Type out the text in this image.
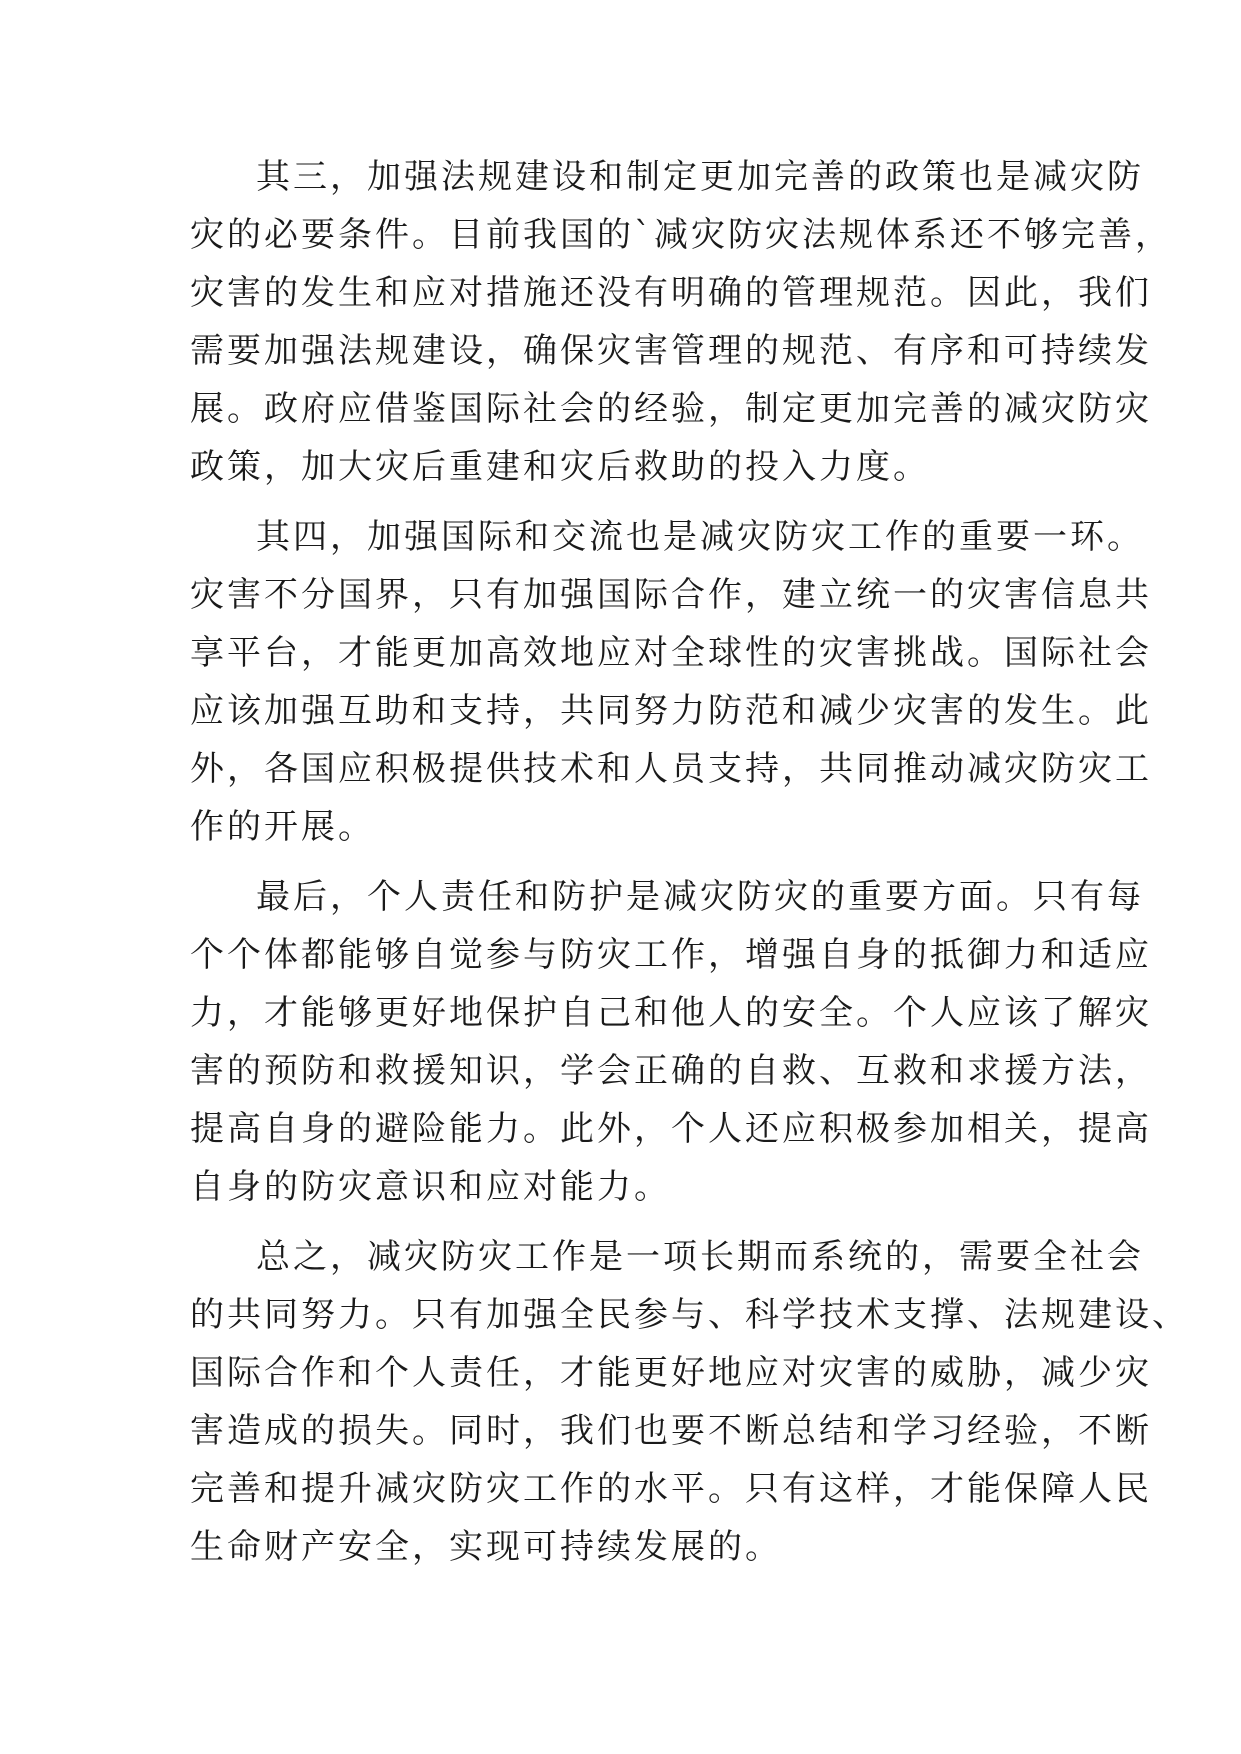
其三，加强法规建设和制定更加完善的政策也是减灾防
灾的必要条件。目前我国的`减灾防灾法规体系还不够完善，
灾害的发生和应对措施还没有明确的管理规范。因此，我们
需要加强法规建设，确保灾害管理的规范、有序和可持续发
展。政府应借鉴国际社会的经验，制定更加完善的减灾防灾
政策，加大灾后重建和灾后救助的投入力度。
其四，加强国际和交流也是减灾防灾工作的重要一环。
灾害不分国界，只有加强国际合作，建立统一的灾害信息共
享平台，才能更加高效地应对全球性的灾害挑战。国际社会
应该加强互助和支持，共同努力防范和减少灾害的发生。此
外，各国应积极提供技术和人员支持，共同推动减灾防灾工
作的开展。
最后，个人责任和防护是减灾防灾的重要方面。只有每
个个体都能够自觉参与防灾工作，增强自身的抵御力和适应
力，才能够更好地保护自己和他人的安全。个人应该了解灾
害的预防和救援知识，学会正确的自救、互救和求援方法，
提高自身的避险能力。此外，个人还应积极参加相关，提高
自身的防灾意识和应对能力。
总之，减灾防灾工作是一项长期而系统的，需要全社会
的共同努力。只有加强全民参与、科学技术支撑、法规建设、
国际合作和个人责任，才能更好地应对灾害的威胁，减少灾
害造成的损失。同时，我们也要不断总结和学习经验，不断
完善和提升减灾防灾工作的水平。只有这样，才能保障人民
生命财产安全，实现可持续发展的。
